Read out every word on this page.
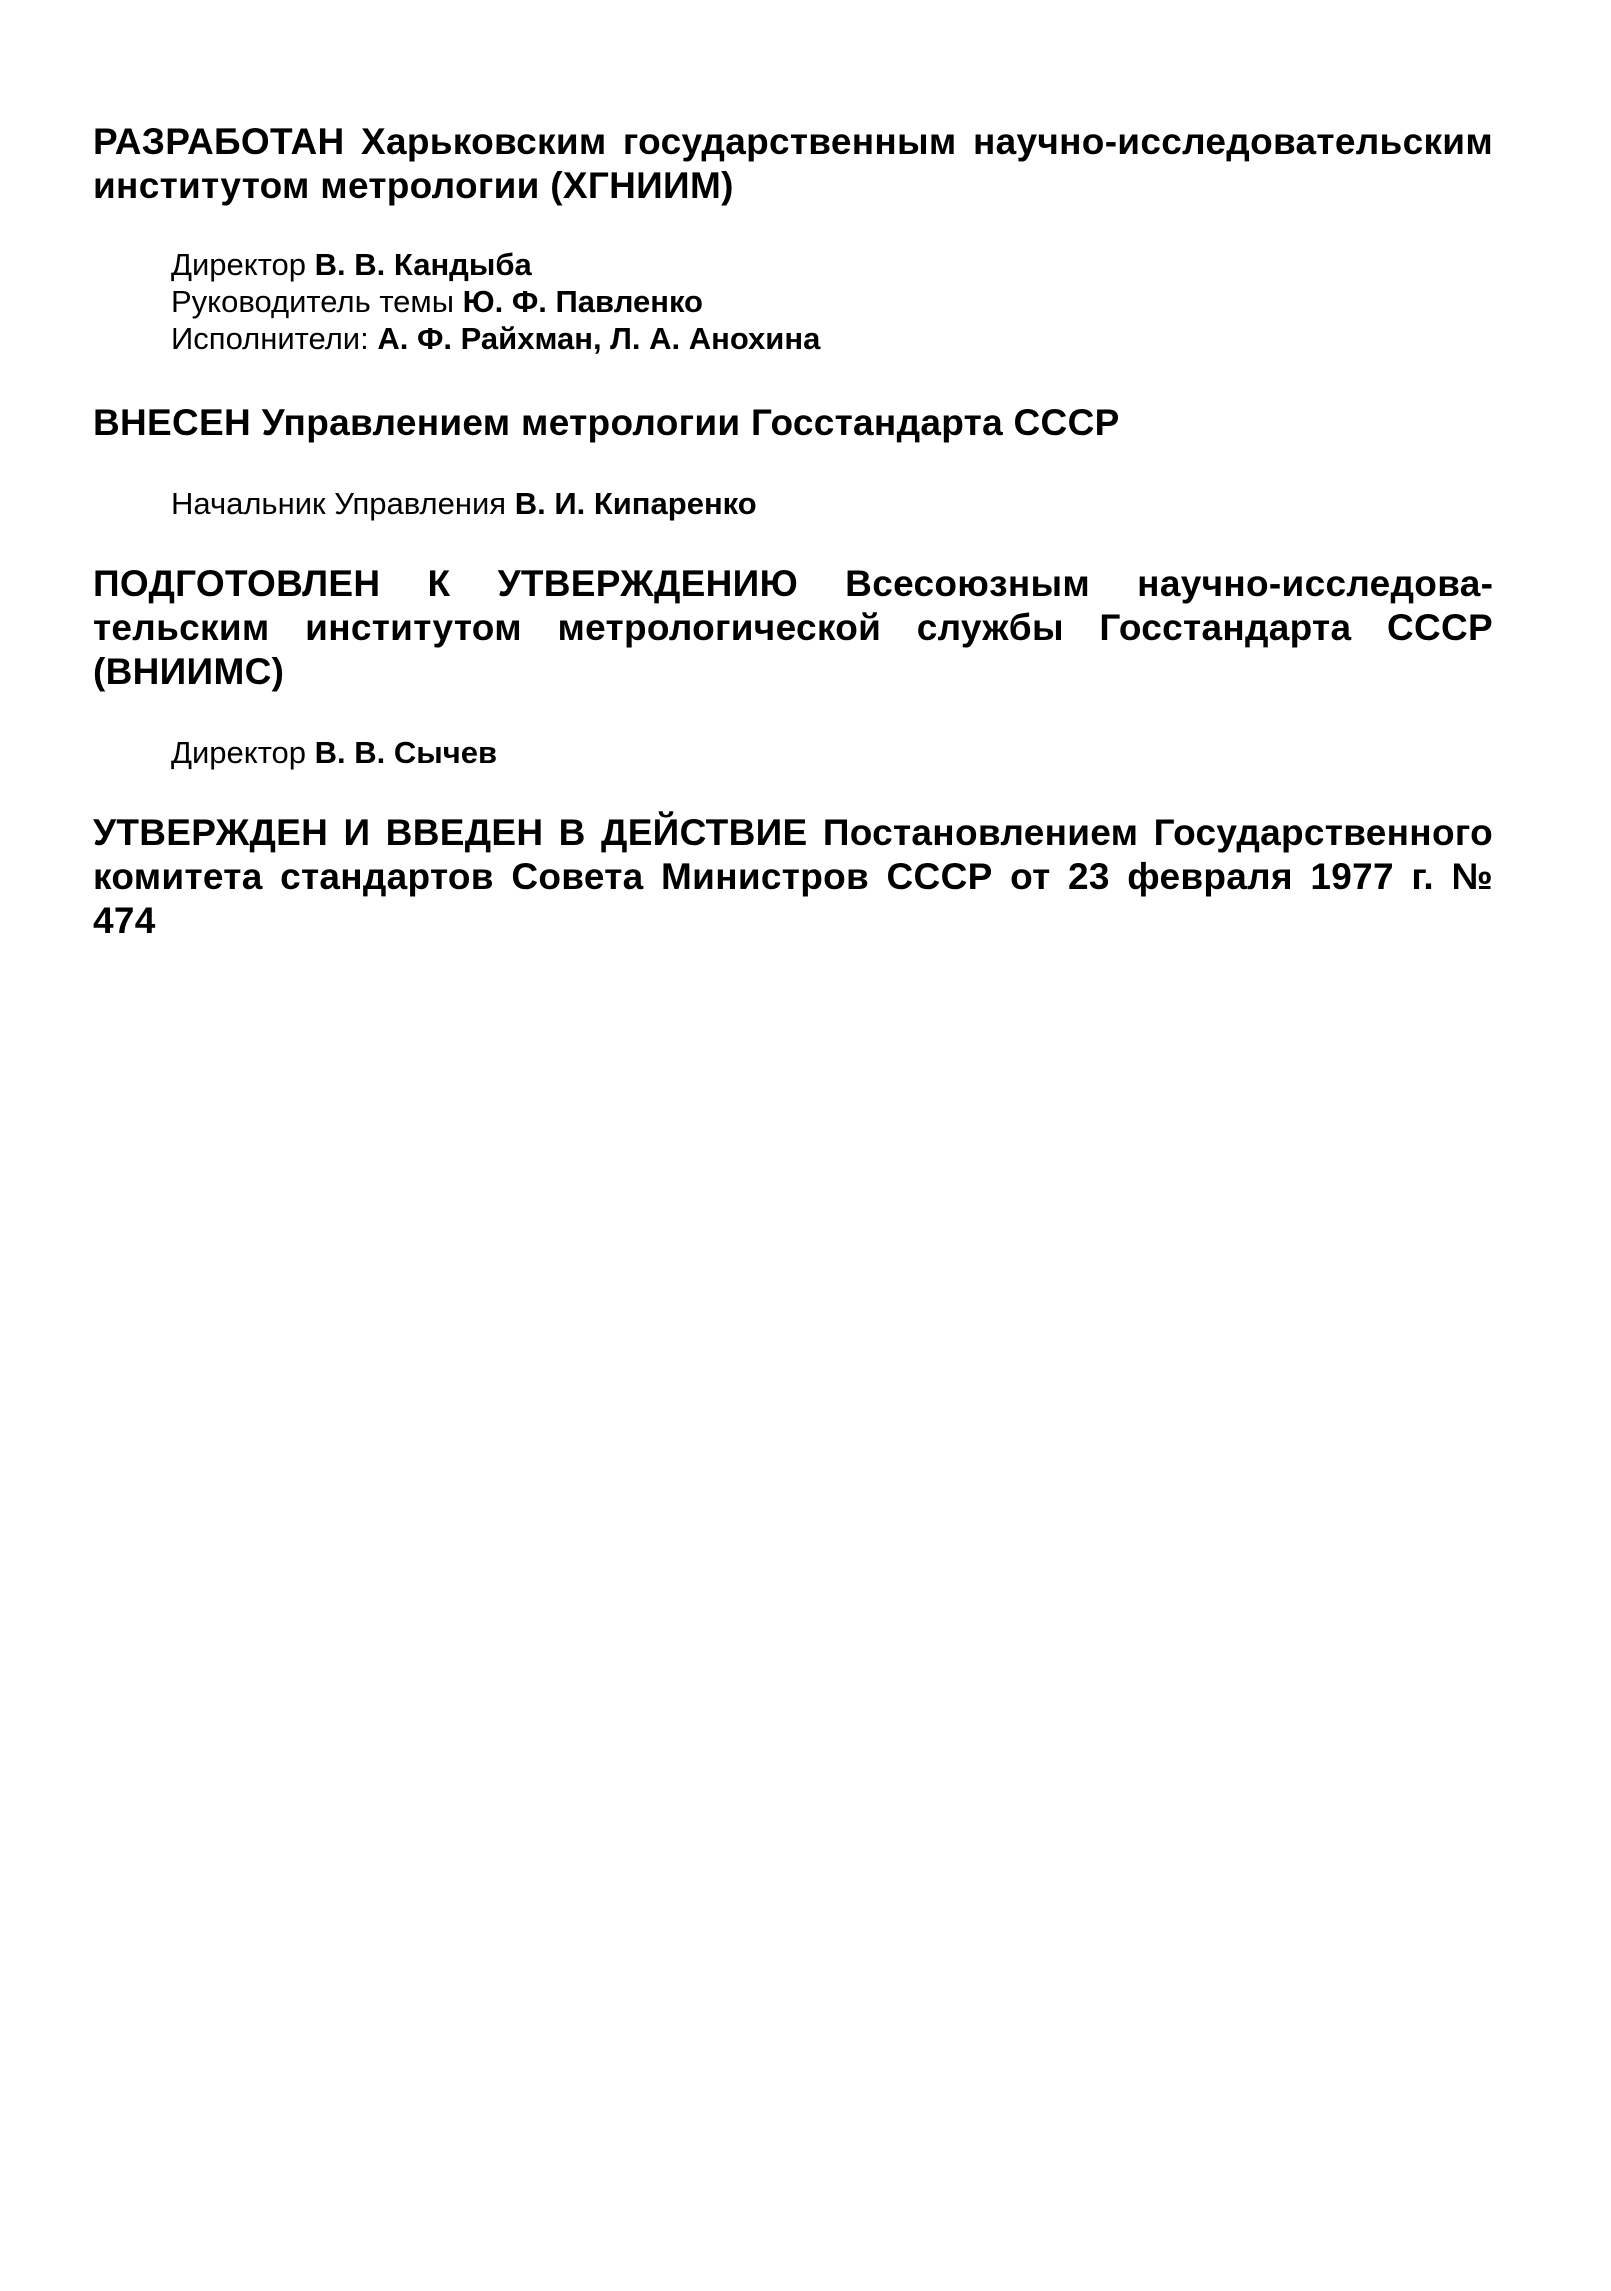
РАЗРАБОТАН Харьковским государственным научно-исследовательским институтом метрологии (ХГНИИМ)
Директор В. В. Кандыба
Руководитель темы Ю. Ф. Павленко
Исполнители: А. Ф. Райхман, Л. А. Анохина
ВНЕСЕН Управлением метрологии Госстандарта СССР
Начальник Управления В. И. Кипаренко
ПОДГОТОВЛЕН К УТВЕРЖДЕНИЮ Всесоюзным научно-исследовательским институтом метрологической службы Госстандарта СССР (ВНИИМС)
Директор В. В. Сычев
УТВЕРЖДЕН И ВВЕДЕН В ДЕЙСТВИЕ Постановлением Государственного комитета стандартов Совета Министров СССР от 23 февраля 1977 г. № 474
